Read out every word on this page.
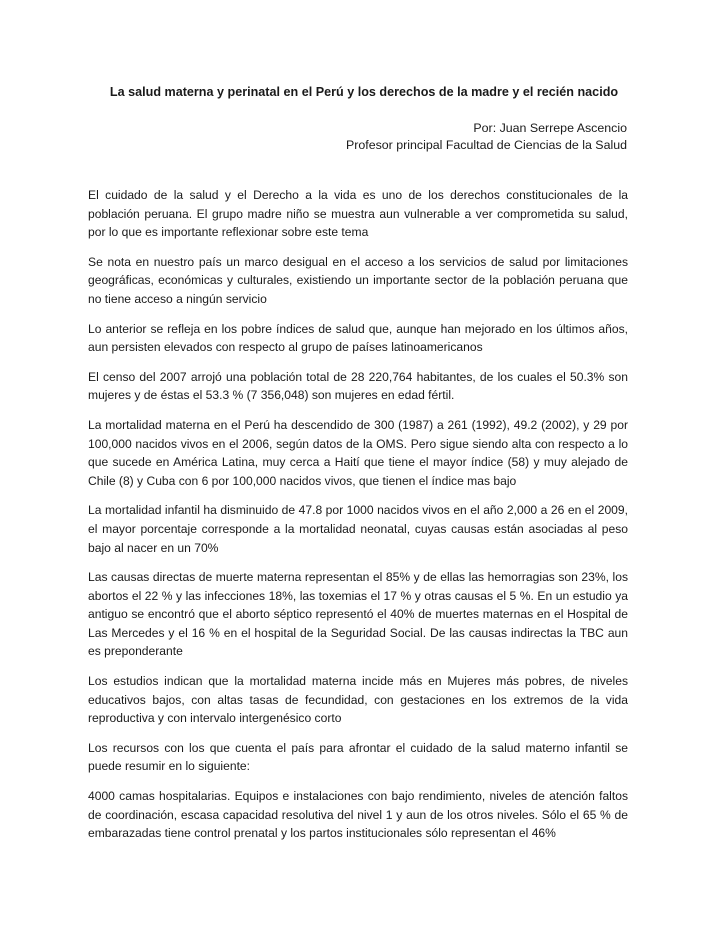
La salud materna y perinatal en el Perú y los derechos de la madre y el recién nacido
Por: Juan Serrepe Ascencio
Profesor principal Facultad de Ciencias de la Salud

El cuidado de la salud y el Derecho a la vida es uno de los derechos constitucionales de la población peruana. El grupo madre niño se muestra aun vulnerable a ver comprometida su salud, por lo que es importante reflexionar sobre este tema

Se nota en nuestro país un marco desigual en el acceso a los servicios de salud por limitaciones geográficas, económicas y culturales, existiendo un importante sector de la población peruana que no tiene acceso a ningún servicio

Lo anterior se refleja en los pobre índices de salud que, aunque han mejorado en los últimos años, aun persisten elevados con respecto al grupo de países latinoamericanos

El censo del 2007 arrojó una población total de 28 220,764 habitantes, de los cuales el 50.3% son mujeres y de éstas el 53.3 % (7 356,048) son mujeres en edad fértil.

La mortalidad materna en el Perú ha descendido de 300 (1987) a 261 (1992), 49.2 (2002), y 29 por 100,000 nacidos vivos en el 2006, según datos de la OMS. Pero sigue siendo alta con respecto a lo que sucede en América Latina, muy cerca a Haití que tiene el mayor índice (58) y muy alejado de Chile (8) y Cuba con 6 por 100,000 nacidos vivos, que tienen el índice mas bajo

La mortalidad infantil ha disminuido de 47.8 por 1000 nacidos vivos en el año 2,000 a 26 en el 2009, el mayor porcentaje corresponde a la mortalidad neonatal, cuyas causas están asociadas al peso bajo al nacer en un 70%

Las causas directas de muerte materna representan el 85% y de ellas las hemorragias son 23%, los abortos el 22 % y las infecciones 18%, las toxemias el 17 % y otras causas el 5 %. En un estudio ya antiguo se encontró que el aborto séptico representó el 40% de muertes maternas en el Hospital de Las Mercedes y el 16 % en el hospital de la Seguridad Social. De las causas indirectas la TBC aun es preponderante

Los estudios indican que la mortalidad materna incide más en Mujeres más pobres, de niveles educativos bajos, con altas tasas de fecundidad, con gestaciones en los extremos de la vida reproductiva y con intervalo intergenésico corto

Los recursos con los que cuenta el país para afrontar el cuidado de la salud materno infantil se puede resumir en lo siguiente:

4000 camas hospitalarias. Equipos e instalaciones con bajo rendimiento, niveles de atención faltos de coordinación, escasa capacidad resolutiva del nivel 1 y aun de los otros niveles. Sólo el 65 % de embarazadas tiene control prenatal y los partos institucionales sólo representan el 46%
